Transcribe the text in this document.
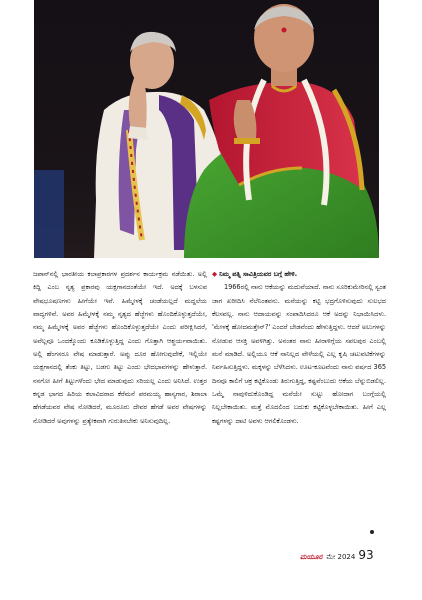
ಜಪಾನ್‌ನಲ್ಲಿ ಭಾರತೀಯ ಕಲಾಪ್ರಕಾರಗಳ ಪ್ರದರ್ಶನ ಕಾರ್ಯಕ್ರಮ ನಡೆಯಿತು. ಅಲ್ಲಿ ಕಿದ್ದಿ ಎಂಬ ನೃತ್ಯ ಪ್ರಕಾರವು ಯಕ್ಷಗಾನದಂತೆಯೇ ಇದೆ. ಅದಕ್ಕೆ ಬಳಸುವ ವೇಷಭೂಷಣಗಳು ಹೀಗೆಯೇ ಇವೆ. ಹಿಮ್ಮೇಳಕ್ಕೆ ಚಂಡೆಯಲ್ಲದೆ ಮದ್ದಲೆಯ ವಾದ್ಯಗಳಿವೆ. ಅವರ ಹಿಮ್ಮೇಳಕ್ಕೆ ನಮ್ಮ ನೃತ್ಯದ ಹೆಜ್ಜೆಗಳು ಹೊಂದಿಕೊಳ್ಳುತ್ತದೆಯೇ, ನಮ್ಮ ಹಿಮ್ಮೇಳಕ್ಕೆ ಅವರ ಹೆಜ್ಜೆಗಳು ಹೊಂದಿಕೊಳ್ಳುತ್ತದೆಯೇ ಎಂದು ಪರೀಕ್ಷಿಸಿದರೆ, ಅವೆಲ್ಲವೂ ಒಂದಕ್ಕೊಂದು ಕೂಡಿಕೊಳ್ಳುತ್ತಿದ್ದ ಎಂದು ಗೊತ್ತಾಗಿ ಆಶ್ಚರ್ಯವಾಯಿತು. ಅಲ್ಲಿ ಹೆಂಗಸರೂ ವೇಷ ಮಾಡುತ್ತಾರೆ. ಅಪ್ಪು ದೂರ ಹೋಗುವುದೇಕೆ, ಇಲ್ಲಿಯೇ ಯಕ್ಷಗಾನದಲ್ಲಿ ತೆಂಕು ತಿಟ್ಟು, ಬಡಗು ತಿಟ್ಟು ಎಂದು ಭೇದಭಾವಗಳನ್ನು ಹೇಳುತ್ತಾರೆ. ನನಗೋ ಹೀಗೆ ತಿಟ್ಟುಗಳೆಂದು ಭೇದ ಮಾಡುವುದು ಸರಿಯಲ್ಲ ಎಂದು ಅನಿಸಿದೆ. ಉತ್ತರ ಕನ್ನಡ ಭಾಗದ ಹಿರಿಯ ಕಲಾವಿದರಾದ ಕೆರೆಮನೆ ಪರಮಯ್ಯ ಹಾಸ್ಯಗಾರ, ಶಿರಾಲಾ ಹೆಗಡೆಯವರ ವೇಷ ನೋಡಿದರೆ, ಮೂರೂರು ದೇವರ ಹೆಗಡೆ ಅವರ ವೇಷಗಳನ್ನು ನೋಡಿದರೆ ಅವುಗಳನ್ನು ಪ್ರತ್ಯೇಕವಾಗಿ ಗುರುತಿಸಬೇಕು ಅನಿಸುವುದಿಲ್ಲ.

◆ ನಿಮ್ಮ ಪತ್ನಿ ಸಾವಿತ್ರಿಯವರ ಬಗ್ಗೆ ಹೇಳಿ.

1966ರಲ್ಲಿ ನಾನು ಆಕೆಯನ್ನು ಮದುವೆಯಾದೆ. ನಾನು ಸೂರಿಕುಮೇರಿನಲ್ಲಿ ಸ್ವಂತ ಜಾಗ ಖರೀದಿಸಿ ನೆಲೆನಿಂತವನು. ಮನೆಯನ್ನು ಕಟ್ಟಿ ಭದ್ರಗೊಳಿಸುವುದು ಸುಲಭದ ಕೆಲಸವಲ್ಲ. ನಾನು ಆದಾಯವನ್ನು ಸಂಪಾದಿಸಿದರೂ ಆಕೆ ಅದನ್ನು ನಿಭಾಯಿಸಿದಳು. 'ಮೇಳಕ್ಕೆ ಹೋದಮತ್ತೇನ್?' ಎಂದರೆ ಬೇಡವೆಂದು ಹೇಳುತ್ತಿದ್ದಳು. ಆದರೆ ಅಲುಗಳನ್ನು ನೋಡುವ ಆಸಕ್ತಿ ಅವಳಿಗಿತ್ತು. ಅನಂತರ ನಾನು ಹೀರಾಳಿಗ್ಗೆಯ ಸಪಲಪುರ ಎಂಬಲ್ಲಿ ಮನೆ ಮಾಡಿದೆ. ಅಲ್ಲಿಯೂ ಆಕೆ ನಾನಿಲ್ಲದ ವೇಳೆಯಲ್ಲಿ ಎಲ್ಲ ಕೃಷಿ ಚಟುವಟಿಕೆಗಳನ್ನು ನಿರ್ವಹಿಸುತ್ತಿದ್ದಳು. ಮಕ್ಕಳನ್ನು ಬೆಳೆಸಿದಳು. ಊಟ-ಕೂಟವೆಂದು ನಾನು ವರ್ಷದ 365 ದಿನವೂ ಕಾಲಿಗೆ ಚಕ್ರ ಕಟ್ಟಿಕೊಂಡು ತಿರುಗುತ್ತಿದ್ದ, ಕಷ್ಟವೆಂಬುದು ಆಕೆಯ ಬೆನ್ನುಬಿಡಲಿಲ್ಲ. ಒಮ್ಮೆ ನಾವುಳಿದುಕೊಂಡಿದ್ದ ಮನೆಯೇ ಸುಟ್ಟು ಹೋದಾಗ ಬಂಗ್ಗೆಯಲ್ಲಿ ನಿಲ್ಲಬೇಕಾಯಿತು. ಮತ್ತೆ ಮೊದಲಿಂದ ಬದುಕು ಕಟ್ಟಿಕೊಳ್ಳಬೇಕಾಯಿತು. ಹೀಗೆ ಎಲ್ಲ ಕಷ್ಟಗಳನ್ನು ದಾಟಿ ಅವಳು ಆಗಲಿಕೊಂಡಳು.

ಮಯೂರ ಮೇ 2024 93
